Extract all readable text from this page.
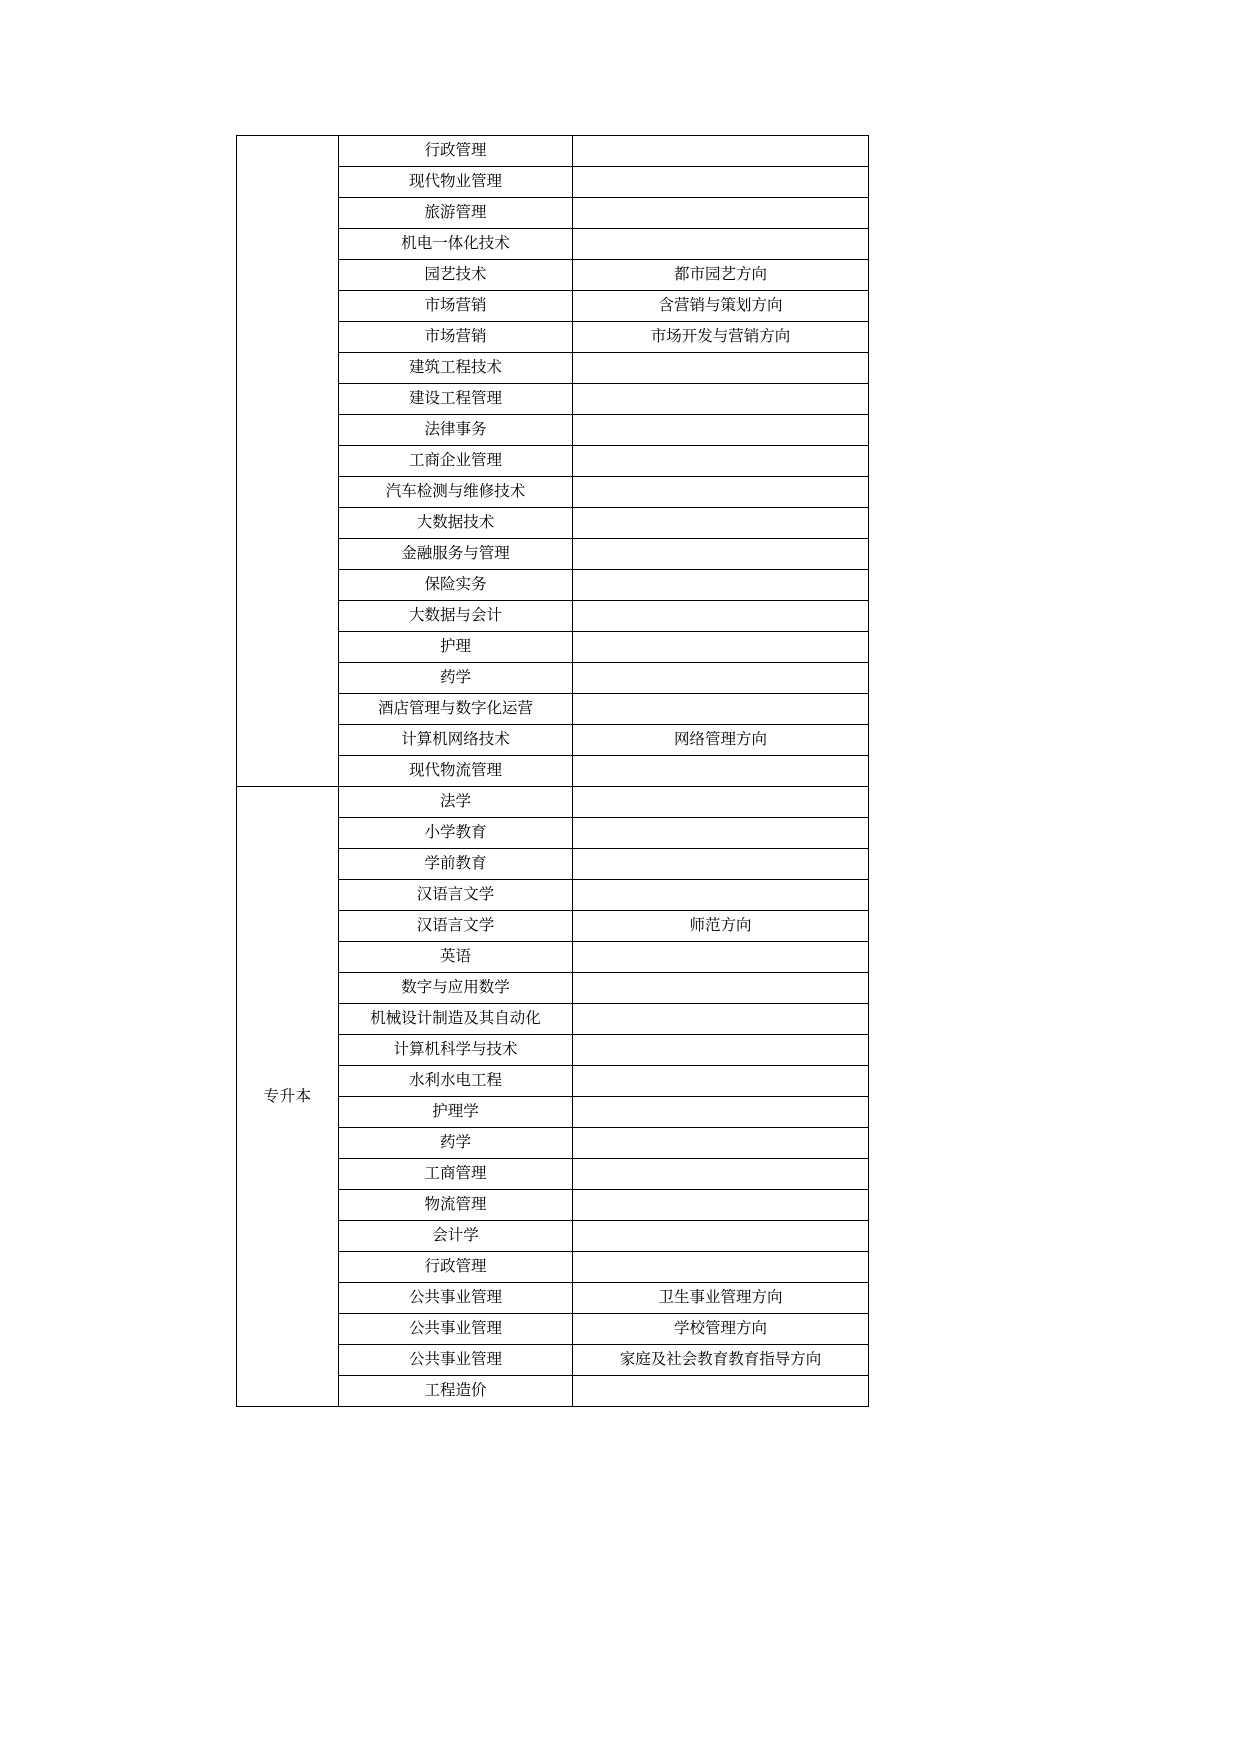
	行政管理	
	现代物业管理	
	旅游管理	
	机电一体化技术	
	园艺技术	都市园艺方向
	市场营销	含营销与策划方向
	市场营销	市场开发与营销方向
	建筑工程技术	
	建设工程管理	
	法律事务	
	工商企业管理	
	汽车检测与维修技术	
	大数据技术	
	金融服务与管理	
	保险实务	
	大数据与会计	
	护理	
	药学	
	酒店管理与数字化运营	
	计算机网络技术	网络管理方向
	现代物流管理	
专升本	法学	
	小学教育	
	学前教育	
	汉语言文学	
	汉语言文学	师范方向
	英语	
	数字与应用数学	
	机械设计制造及其自动化	
	计算机科学与技术	
	水利水电工程	
	护理学	
	药学	
	工商管理	
	物流管理	
	会计学	
	行政管理	
	公共事业管理	卫生事业管理方向
	公共事业管理	学校管理方向
	公共事业管理	家庭及社会教育教育指导方向
	工程造价	
